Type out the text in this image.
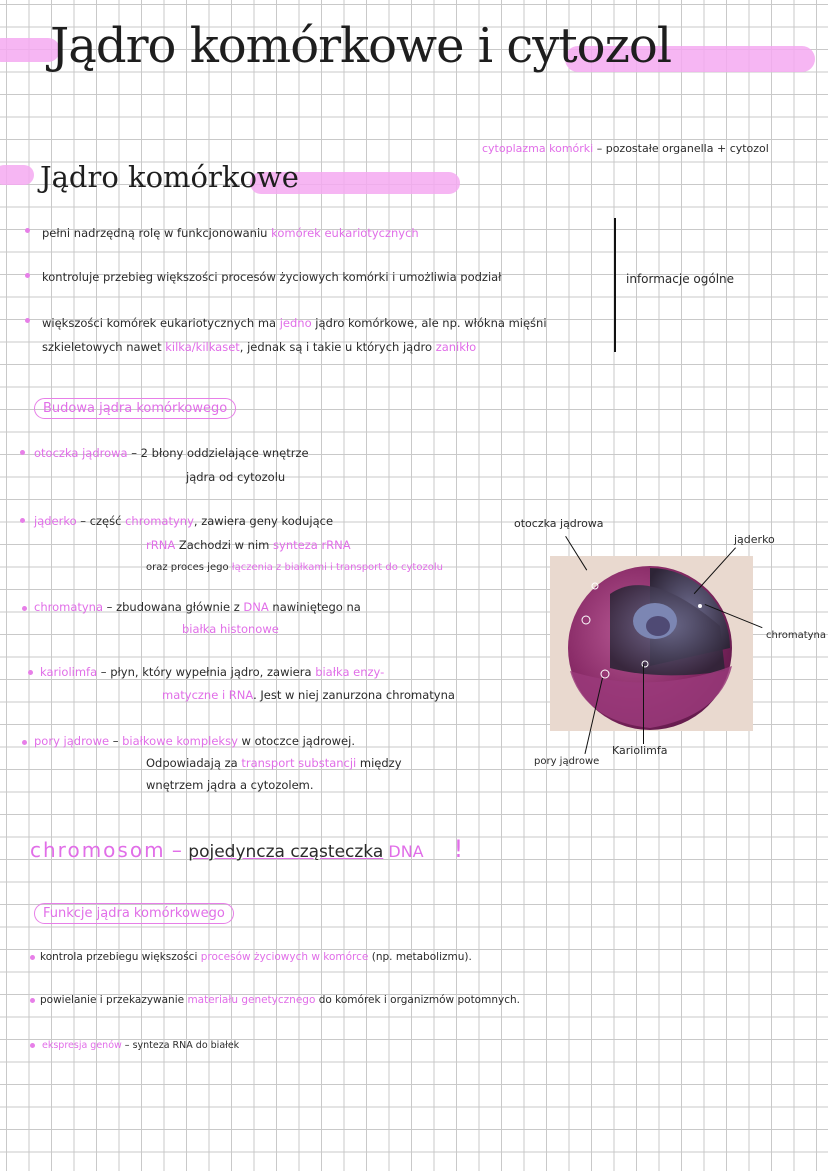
Jądro komórkowe i cytozol
cytoplazma komórki – pozostałe organella + cytozol
Jądro komórkowe
pełni nadrzędną rolę w funkcjonowaniu komórek eukariotycznych
kontroluje przebieg większości procesów życiowych komórki i umożliwia podział
większości komórek eukariotycznych ma jedno jądro komórkowe, ale np. włókna mięśni
szkieletowych nawet kilka/kilkaset, jednak są i takie u których jądro zanikło
informacje ogólne
Budowa jądra komórkowego
otoczka jądrowa – 2 błony oddzielające wnętrze
jądra od cytozolu
jąderko – część chromatyny, zawiera geny kodujące
rRNA Zachodzi w nim synteza rRNA
oraz proces jego łączenia z białkami i transport do cytozolu
chromatyna – zbudowana głównie z DNA nawiniętego na
białka histonowe
kariolimfa – płyn, który wypełnia jądro, zawiera białka enzy-
matyczne i RNA. Jest w niej zanurzona chromatyna
pory jądrowe – białkowe kompleksy w otoczce jądrowej.
Odpowiadają za transport substancji między
wnętrzem jądra a cytozolem.
otoczka jądrowa
jąderko
chromatyna
pory jądrowe
Kariolimfa
chromosom – pojedyncza cząsteczka DNA !
Funkcje jądra komórkowego
kontrola przebiegu większości procesów życiowych w komórce (np. metabolizmu).
powielanie i przekazywanie materiału genetycznego do komórek i organizmów potomnych.
ekspresja genów – synteza RNA do białek
